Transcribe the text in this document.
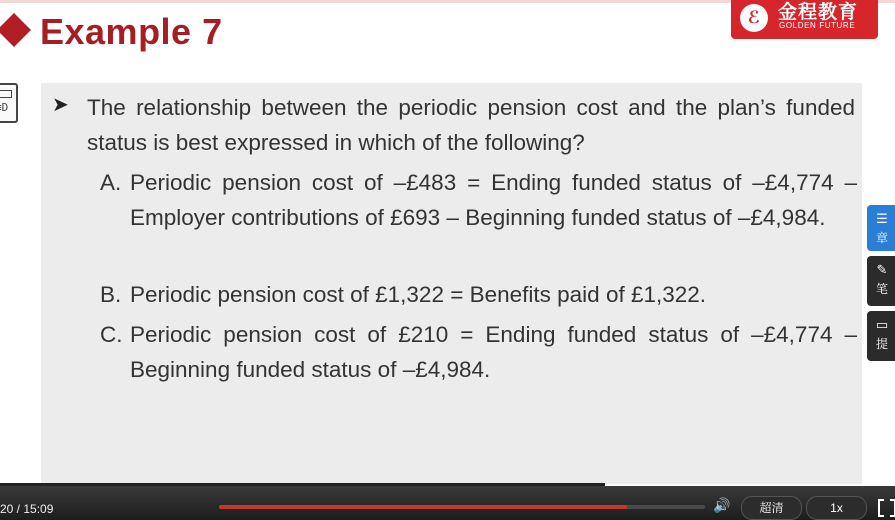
Example 7	ℰ 金程教育
GOLDEN FUTURE
≡D
➤ The relationship between the periodic pension cost and the plan’s funded status is best expressed in which of the following?
A. Periodic pension cost of –£483 = Ending funded status of –£4,774 – Employer contributions of £693 – Beginning funded status of –£4,984.
B. Periodic pension cost of £1,322 = Benefits paid of £1,322.
C. Periodic pension cost of £210 = Ending funded status of –£4,774 – Beginning funded status of –£4,984.
☰
章
✎
笔
▭
提
20 / 15:09	🔊	超清	1x
